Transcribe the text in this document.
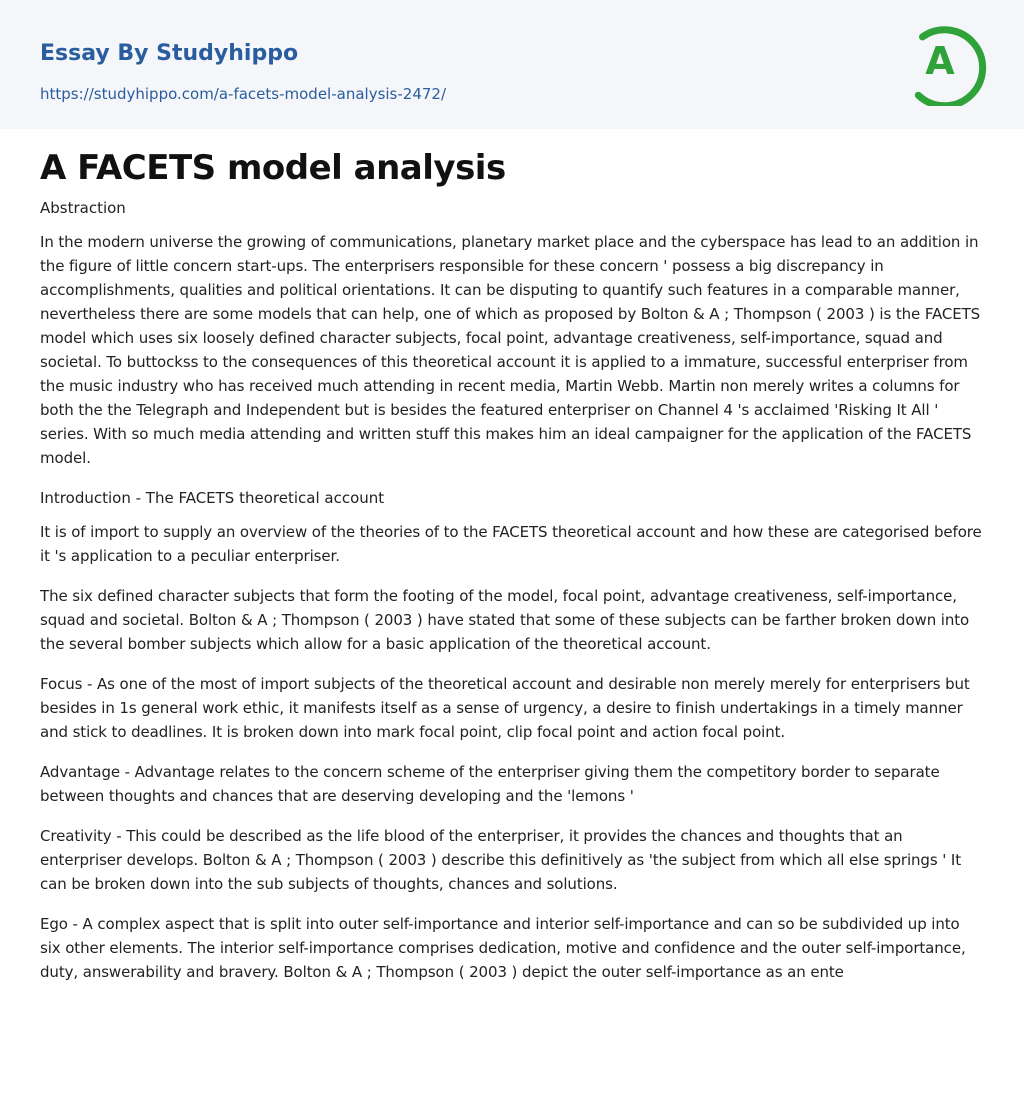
Essay By Studyhippo
https://studyhippo.com/a-facets-model-analysis-2472/
A
A FACETS model analysis

Abstraction

In the modern universe the growing of communications, planetary market place and the cyberspace has lead to an addition in the figure of little concern start-ups. The enterprisers responsible for these concern ' possess a big discrepancy in accomplishments, qualities and political orientations. It can be disputing to quantify such features in a comparable manner, nevertheless there are some models that can help, one of which as proposed by Bolton & A ; Thompson ( 2003 ) is the FACETS model which uses six loosely defined character subjects, focal point, advantage creativeness, self-importance, squad and societal. To buttockss to the consequences of this theoretical account it is applied to a immature, successful enterpriser from the music industry who has received much attending in recent media, Martin Webb. Martin non merely writes a columns for both the the Telegraph and Independent but is besides the featured enterpriser on Channel 4 's acclaimed 'Risking It All ' series. With so much media attending and written stuff this makes him an ideal campaigner for the application of the FACETS model.

Introduction - The FACETS theoretical account

It is of import to supply an overview of the theories of to the FACETS theoretical account and how these are categorised before it 's application to a peculiar enterpriser.

The six defined character subjects that form the footing of the model, focal point, advantage creativeness, self-importance, squad and societal. Bolton & A ; Thompson ( 2003 ) have stated that some of these subjects can be farther broken down into the several bomber subjects which allow for a basic application of the theoretical account.

Focus - As one of the most of import subjects of the theoretical account and desirable non merely merely for enterprisers but besides in 1s general work ethic, it manifests itself as a sense of urgency, a desire to finish undertakings in a timely manner and stick to deadlines. It is broken down into mark focal point, clip focal point and action focal point.

Advantage - Advantage relates to the concern scheme of the enterpriser giving them the competitory border to separate between thoughts and chances that are deserving developing and the 'lemons '

Creativity - This could be described as the life blood of the enterpriser, it provides the chances and thoughts that an enterpriser develops. Bolton & A ; Thompson ( 2003 ) describe this definitively as 'the subject from which all else springs ' It can be broken down into the sub subjects of thoughts, chances and solutions.

Ego - A complex aspect that is split into outer self-importance and interior self-importance and can so be subdivided up into six other elements. The interior self-importance comprises dedication, motive and confidence and the outer self-importance, duty, answerability and bravery. Bolton & A ; Thompson ( 2003 ) depict the outer self-importance as an ente
